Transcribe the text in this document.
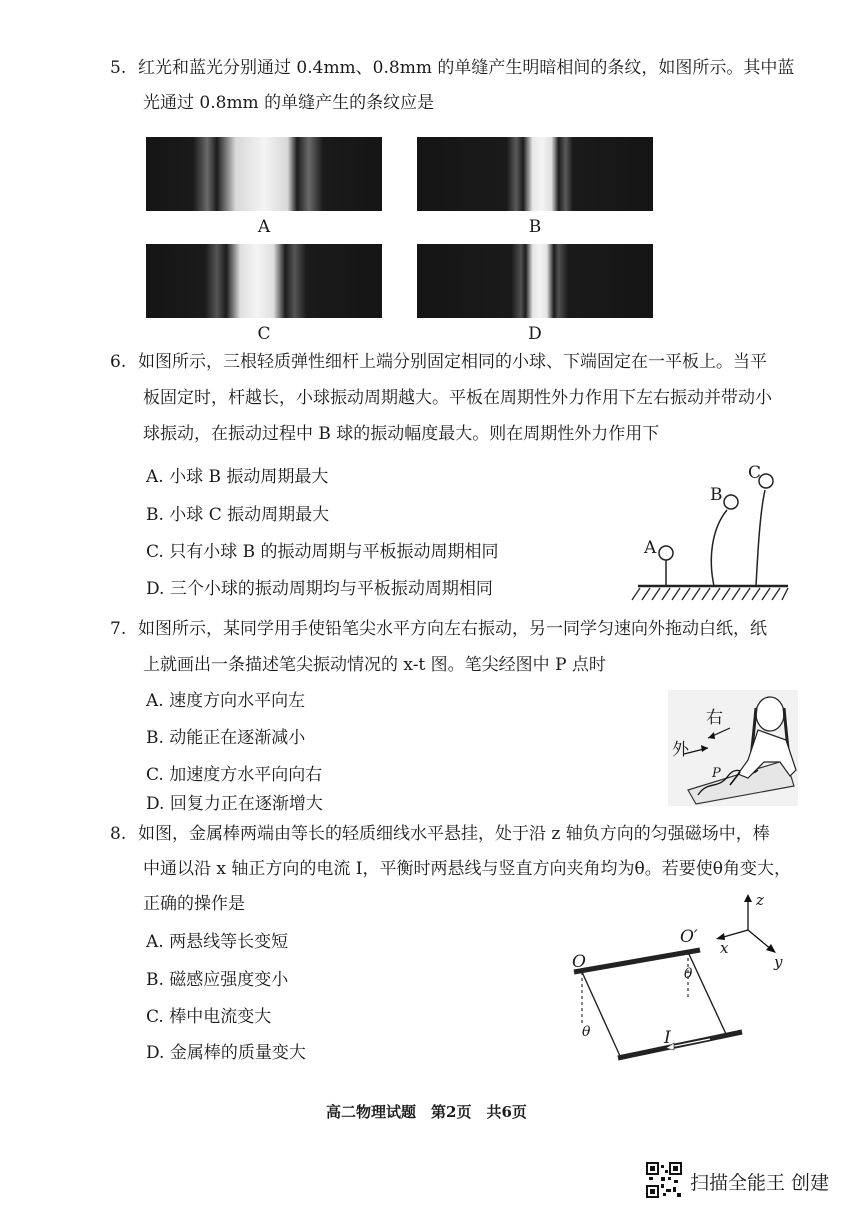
5. 红光和蓝光分别通过 0.4mm、0.8mm 的单缝产生明暗相间的条纹，如图所示。其中蓝
光通过 0.8mm 的单缝产生的条纹应是
A	B
C	D
6. 如图所示，三根轻质弹性细杆上端分别固定相同的小球、下端固定在一平板上。当平
板固定时，杆越长，小球振动周期越大。平板在周期性外力作用下左右振动并带动小
球振动，在振动过程中 B 球的振动幅度最大。则在周期性外力作用下
A. 小球 B 振动周期最大
B. 小球 C 振动周期最大
C. 只有小球 B 的振动周期与平板振动周期相同
D. 三个小球的振动周期均与平板振动周期相同
A
B
C
7. 如图所示，某同学用手使铅笔尖水平方向左右振动，另一同学匀速向外拖动白纸，纸
上就画出一条描述笔尖振动情况的 x-t 图。笔尖经图中 P 点时
A. 速度方向水平向左
B. 动能正在逐渐减小
C. 加速度方水平向向右
D. 回复力正在逐渐增大
右
外
P
8. 如图，金属棒两端由等长的轻质细线水平悬挂，处于沿 z 轴负方向的匀强磁场中，棒
中通以沿 x 轴正方向的电流 I，平衡时两悬线与竖直方向夹角均为θ。若要使θ角变大，
正确的操作是
A. 两悬线等长变短
B. 磁感应强度变小
C. 棒中电流变大
D. 金属棒的质量变大
O
O′
θ
θ
I
x
y
z
高二物理试题　第2页　共6页
扫描全能王 创建
